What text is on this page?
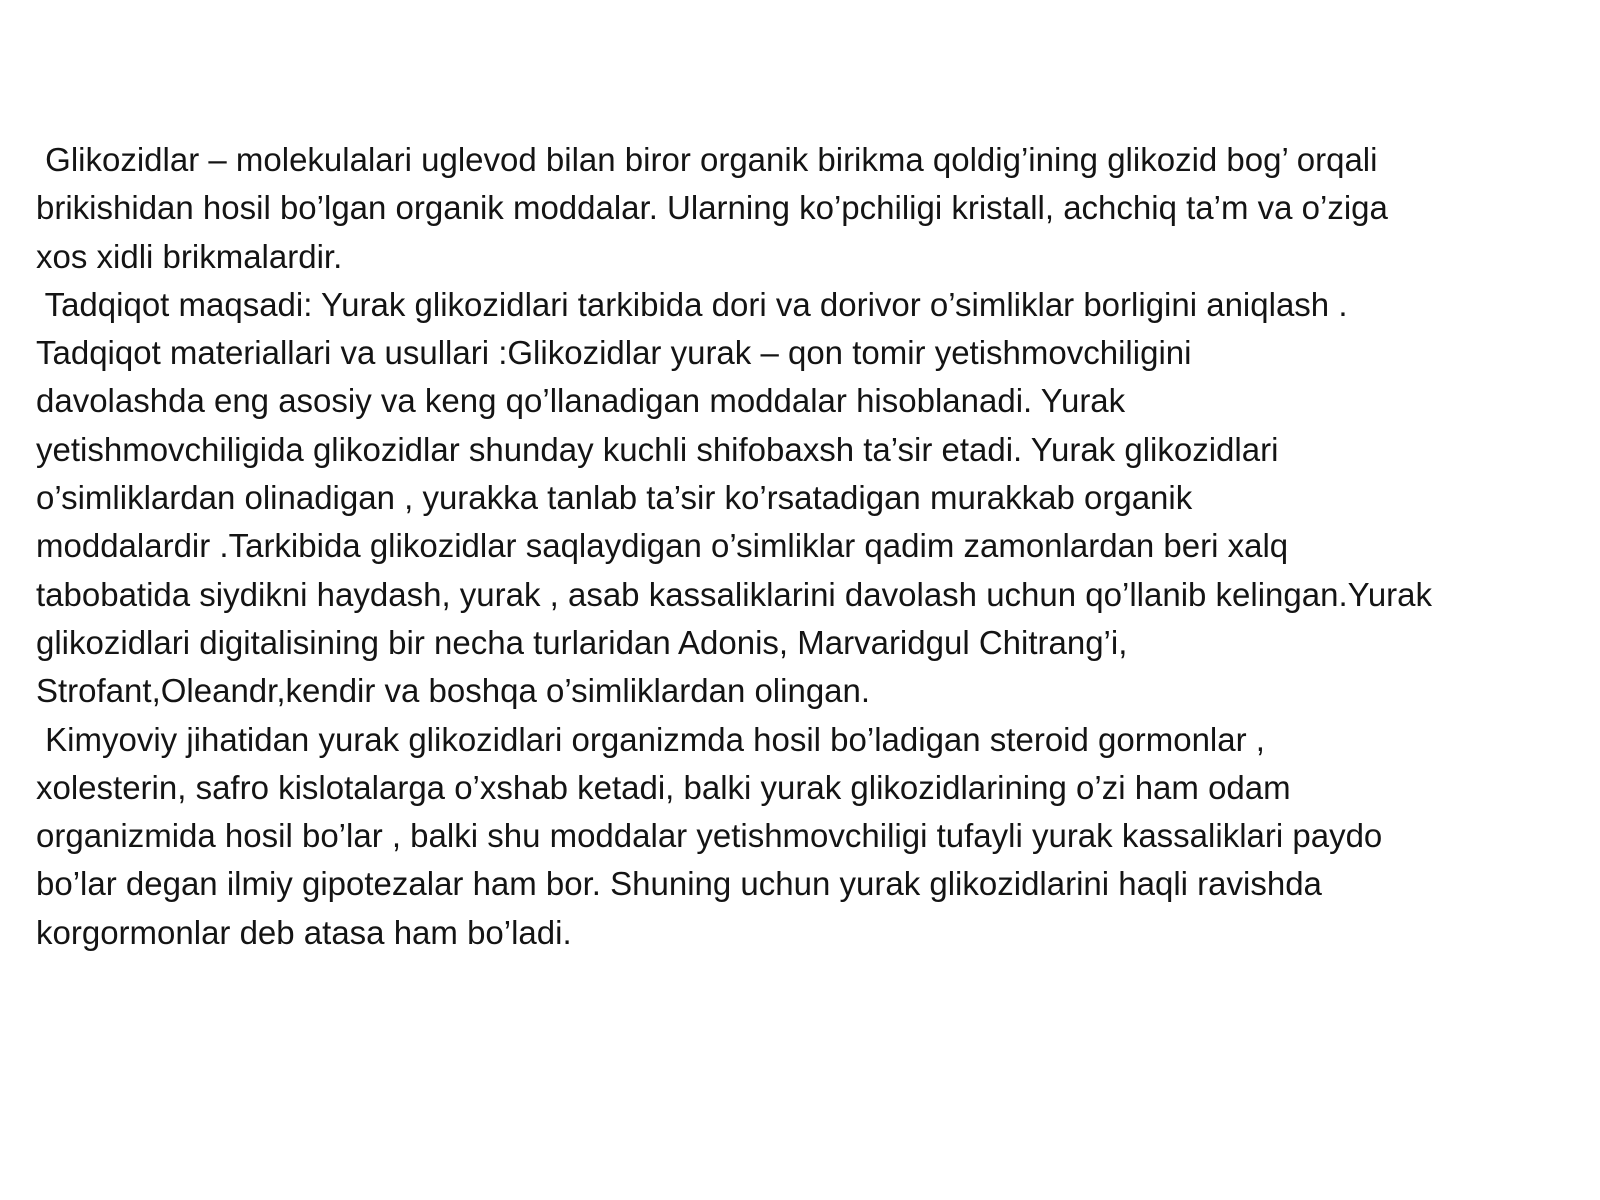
Glikozidlar – molekulalari uglevod bilan biror organik birikma qoldig’ining glikozid bog’ orqali
brikishidan hosil bo’lgan organik moddalar. Ularning ko’pchiligi kristall, achchiq ta’m va o’ziga
xos xidli brikmalardir.
Tadqiqot maqsadi: Yurak glikozidlari tarkibida dori va dorivor o’simliklar borligini aniqlash .
Tadqiqot materiallari va usullari :Glikozidlar yurak – qon tomir yetishmovchiligini
davolashda eng asosiy va keng qo’llanadigan moddalar hisoblanadi. Yurak
yetishmovchiligida glikozidlar shunday kuchli shifobaxsh ta’sir etadi. Yurak glikozidlari
o’simliklardan olinadigan , yurakka tanlab ta’sir ko’rsatadigan murakkab organik
moddalardir .Tarkibida glikozidlar saqlaydigan o’simliklar qadim zamonlardan beri xalq
tabobatida siydikni haydash, yurak , asab kassaliklarini davolash uchun qo’llanib kelingan.Yurak
glikozidlari digitalisining bir necha turlaridan Adonis, Marvaridgul Chitrang’i,
Strofant,Oleandr,kendir va boshqa o’simliklardan olingan.
Kimyoviy jihatidan yurak glikozidlari organizmda hosil bo’ladigan steroid gormonlar ,
xolesterin, safro kislotalarga o’xshab ketadi, balki yurak glikozidlarining o’zi ham odam
organizmida hosil bo’lar , balki shu moddalar yetishmovchiligi tufayli yurak kassaliklari paydo
bo’lar degan ilmiy gipotezalar ham bor. Shuning uchun yurak glikozidlarini haqli ravishda
korgormonlar deb atasa ham bo’ladi.
